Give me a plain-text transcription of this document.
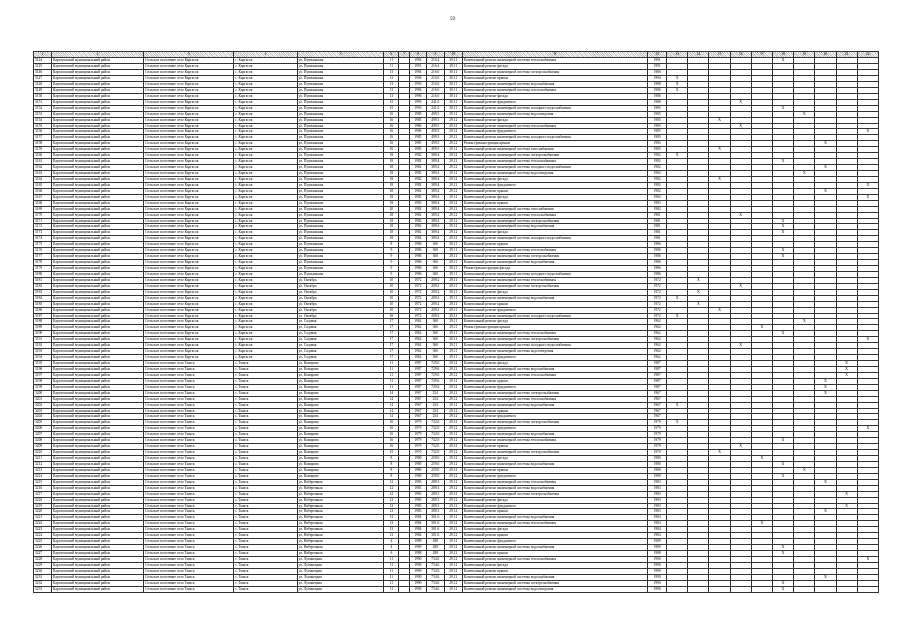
59
1	2	3	4	5	6	7	8	9	10	11	12	13	14	15	16	17	18	19	20	21	22
3144	Каргасокский муниципальный район	Сельское поселение село Каргасок	с. Каргасок	ул. Пушкинская	11		1992	216.4	29.11	Капитальный ремонт инженерной системы теплоснабжения	1991						X				
3145	Каргасокский муниципальный район	Сельское поселение село Каргасок	с. Каргасок	ул. Пушкинская	11		1991	216.4	29.11	Капитальный ремонт фасада	1991										
3146	Каргасокский муниципальный район	Сельское поселение село Каргасок	с. Каргасок	ул. Пушкинская	13		1994	216.0	30.11	Капитальный ремонт инженерной системы электроснабжения	1986										
3147	Каргасокский муниципальный район	Сельское поселение село Каргасок	с. Каргасок	ул. Пушкинская	13		1994	216.0	30.11	Капитальный ремонт крыши	1994	X									
3148	Каргасокский муниципальный район	Сельское поселение село Каргасок	с. Каргасок	ул. Пушкинская	13		1993	216.0	30.11	Капитальный ремонт инженерной системы водоснабжения	1988	X									
3149	Каргасокский муниципальный район	Сельское поселение село Каргасок	с. Каргасок	ул. Пушкинская	13		1994	216.0	30.11	Капитальный ремонт инженерной системы теплоснабжения	1986	X									
3150	Каргасокский муниципальный район	Сельское поселение село Каргасок	с. Каргасок	ул. Пушкинская	13		1996	216.0	30.11	Капитальный ремонт фасада	1986										
3151	Каргасокский муниципальный район	Сельское поселение село Каргасок	с. Каргасок	ул. Пушкинская	15		1993	241.0	30.11	Капитальный ремонт фундамента	1988				X						
3152	Каргасокский муниципальный район	Сельское поселение село Каргасок	с. Каргасок	ул. Пушкинская	15		1993	241.0	30.11	Капитальный ремонт инженерной системы холодного водоснабжения	1985						X				
3153	Каргасокский муниципальный район	Сельское поселение село Каргасок	с. Каргасок	ул. Пушкинская	16		1985	499.5	29.12	Капитальный ремонт инженерной системы водоотведения	1985							X			
3154	Каргасокский муниципальный район	Сельское поселение село Каргасок	с. Каргасок	ул. Пушкинская	16		1985	499.5	29.12	Капитальный ремонт фасада	1985			X							
3155	Каргасокский муниципальный район	Сельское поселение село Каргасок	с. Каргасок	ул. Пушкинская	16		1986	499.5	29.12	Капитальный ремонт инженерной системы теплоснабжения	1985				X						
3156	Каргасокский муниципальный район	Сельское поселение село Каргасок	с. Каргасок	ул. Пушкинская	16		1986	499.5	29.12	Капитальный ремонт фундамента	1985										X
3157	Каргасокский муниципальный район	Сельское поселение село Каргасок	с. Каргасок	ул. Пушкинская	16		1985	499.5	29.12	Капитальный ремонт инженерной системы холодного водоснабжения	1985										
3158	Каргасокский муниципальный район	Сельское поселение село Каргасок	с. Каргасок	ул. Пушкинская	16		1985	499.5	29.12	Ремонт/реконструкция крыши	1985								X		
3159	Каргасокский муниципальный район	Сельское поселение село Каргасок	с. Каргасок	ул. Пушкинская	16		1985	499.5	29.12	Капитальный ремонт инженерной системы газоснабжения	1985			X							
3160	Каргасокский муниципальный район	Сельское поселение село Каргасок	с. Каргасок	ул. Пушкинская	18		1982	389.4	29.12	Капитальный ремонт инженерной системы электроснабжения	1982	X									
3161	Каргасокский муниципальный район	Сельское поселение село Каргасок	с. Каргасок	ул. Пушкинская	18		1982	389.4	29.12	Капитальный ремонт инженерной системы теплоснабжения	1982						X				
3162	Каргасокский муниципальный район	Сельское поселение село Каргасок	с. Каргасок	ул. Пушкинская	18		1982	389.4	29.12	Капитальный ремонт инженерной системы холодного водоснабжения	1982								X		
3163	Каргасокский муниципальный район	Сельское поселение село Каргасок	с. Каргасок	ул. Пушкинская	18		1982	389.4	29.12	Капитальный ремонт инженерной системы водоотведения	1982							X			
3164	Каргасокский муниципальный район	Сельское поселение село Каргасок	с. Каргасок	ул. Пушкинская	18		1982	389.4	29.12	Капитальный ремонт фасада	1982			X							
3165	Каргасокский муниципальный район	Сельское поселение село Каргасок	с. Каргасок	ул. Пушкинская	18		1982	389.4	29.12	Капитальный ремонт фундамента	1982										X
3166	Каргасокский муниципальный район	Сельское поселение село Каргасок	с. Каргасок	ул. Пушкинская	18		1982	389.4	29.12	Капитальный ремонт крыши	1982								X		
3167	Каргасокский муниципальный район	Сельское поселение село Каргасок	с. Каргасок	ул. Пушкинская	18		1982	389.4	29.12	Капитальный ремонт фасада	1982										X
3168	Каргасокский муниципальный район	Сельское поселение село Каргасок	с. Каргасок	ул. Пушкинская	18		1983	389.4	29.12	Капитальный ремонт крыши	1983										
3169	Каргасокский муниципальный район	Сельское поселение село Каргасок	с. Каргасок	ул. Пушкинская	20		1982	389.4	29.12	Капитальный ремонт инженерной системы газоснабжения	1982										
3170	Каргасокский муниципальный район	Сельское поселение село Каргасок	с. Каргасок	ул. Пушкинская	18		1982	389.4	29.12	Капитальный ремонт инженерной системы теплоснабжения	1981				X						
3171	Каргасокский муниципальный район	Сельское поселение село Каргасок	с. Каргасок	ул. Пушкинская	18		1982	389.4	29.12	Капитальный ремонт инженерной системы электроснабжения	1981						X				
3172	Каргасокский муниципальный район	Сельское поселение село Каргасок	с. Каргасок	ул. Пушкинская	18		1982	389.4	29.12	Капитальный ремонт инженерной системы водоснабжения	1981						X				
3173	Каргасокский муниципальный район	Сельское поселение село Каргасок	с. Каргасок	ул. Пушкинская	18		1982	389.4	29.12	Капитальный ремонт фасада	1981						X				
3174	Каргасокский муниципальный район	Сельское поселение село Каргасок	с. Каргасок	ул. Пушкинская	18		1982	389.4	29.12	Капитальный ремонт инженерной системы холодного водоснабжения	1981										
3175	Каргасокский муниципальный район	Сельское поселение село Каргасок	с. Каргасок	ул. Пушкинская	8		1986	360	29.11	Капитальный ремонт крыши	1986										
3176	Каргасокский муниципальный район	Сельское поселение село Каргасок	с. Каргасок	ул. Пушкинская	9		1986	360	29.11	Капитальный ремонт инженерной системы теплоснабжения	1986						X				
3177	Каргасокский муниципальный район	Сельское поселение село Каргасок	с. Каргасок	ул. Пушкинская	9		1986	360	29.11	Капитальный ремонт инженерной системы электроснабжения	1986						X				
3178	Каргасокский муниципальный район	Сельское поселение село Каргасок	с. Каргасок	ул. Пушкинская	9		1986	360	29.11	Капитальный ремонт инженерной системы водоснабжения	1986										
3179	Каргасокский муниципальный район	Сельское поселение село Каргасок	с. Каргасок	ул. Пушкинская	9		1986	360	29.11	Ремонт/реконструкция фасада	1986										
3180	Каргасокский муниципальный район	Сельское поселение село Каргасок	с. Каргасок	ул. Пушкинская	9		1986	360	29.11	Капитальный ремонт инженерной системы холодного водоснабжения	1986										
3181	Каргасокский муниципальный район	Сельское поселение село Каргасок	с. Каргасок	ул. Октябрь	10		1972	209.2	29.11	Капитальный ремонт инженерной системы теплоснабжения	1972		X								
3182	Каргасокский муниципальный район	Сельское поселение село Каргасок	с. Каргасок	ул. Октябрь	10		1972	209.2	29.11	Капитальный ремонт инженерной системы электроснабжения	1972				X						
3183	Каргасокский муниципальный район	Сельское поселение село Каргасок	с. Каргасок	ул. Октябрь	10		1972	209.2	29.11	Капитальный ремонт фасада	1972		X								
3184	Каргасокский муниципальный район	Сельское поселение село Каргасок	с. Каргасок	ул. Октябрь	10		1972	209.2	29.11	Капитальный ремонт инженерной системы водоснабжения	1972	X									
3185	Каргасокский муниципальный район	Сельское поселение село Каргасок	с. Каргасок	ул. Октябрь	10		1972	209.2	29.11	Капитальный ремонт крыши	1972		X								
3186	Каргасокский муниципальный район	Сельское поселение село Каргасок	с. Каргасок	ул. Октябрь	10		1972	209.2	29.11	Капитальный ремонт фундамента	1972			X							
3187	Каргасокский муниципальный район	Сельское поселение село Каргасок	с. Каргасок	ул. Октябрь	10		1972	209.2	29.11	Капитальный ремонт инженерной системы холодного водоснабжения	1972	X									
3188	Каргасокский муниципальный район	Сельское поселение село Каргасок	с. Каргасок	ул. Садовая	17		1962	360	29.11	Капитальный ремонт фасада	1962							X			
3189	Каргасокский муниципальный район	Сельское поселение село Каргасок	с. Каргасок	ул. Садовая	17		1962	360	29.11	Ремонт/реконструкция крыши	1962					X					
3190	Каргасокский муниципальный район	Сельское поселение село Каргасок	с. Каргасок	ул. Садовая	17		1962	360	29.11	Капитальный ремонт инженерной системы теплоснабжения	1962						X				
3191	Каргасокский муниципальный район	Сельское поселение село Каргасок	с. Каргасок	ул. Садовая	17		1962	360	29.11	Капитальный ремонт инженерной системы электроснабжения	1962										X
3192	Каргасокский муниципальный район	Сельское поселение село Каргасок	с. Каргасок	ул. Садовая	17		1962	360	29.11	Капитальный ремонт инженерной системы холодного водоснабжения	1962				X						
3193	Каргасокский муниципальный район	Сельское поселение село Каргасок	с. Каргасок	ул. Садовая	17		1962	360	29.11	Капитальный ремонт инженерной системы водоотведения	1962										
3194	Каргасокский муниципальный район	Сельское поселение село Каргасок	с. Каргасок	ул. Садовая	17		1962	360	29.11	Капитальный ремонт фундамента	1962										
3195	Каргасокский муниципальный район	Сельское поселение село Тымск	с. Тымск	ул. Комарова	11		1987	729.6	29.12	Капитальный ремонт фасада	1987									X	
3196	Каргасокский муниципальный район	Сельское поселение село Тымск	с. Тымск	ул. Комарова	11		1987	729.6	29.12	Капитальный ремонт инженерной системы водоснабжения	1987									X	
3197	Каргасокский муниципальный район	Сельское поселение село Тымск	с. Тымск	ул. Комарова	11		1987	729.6	29.12	Капитальный ремонт инженерной системы теплоснабжения	1987									X	
3198	Каргасокский муниципальный район	Сельское поселение село Тымск	с. Тымск	ул. Комарова	11		1987	729.6	29.12	Капитальный ремонт крыши	1987								X		
3199	Каргасокский муниципальный район	Сельское поселение село Тымск	с. Тымск	ул. Комарова	11		1987	729.6	29.12	Капитальный ремонт фундамента	1987								X		
3200	Каргасокский муниципальный район	Сельское поселение село Тымск	с. Тымск	ул. Комарова	14		1967	254	29.12	Капитальный ремонт инженерной системы электроснабжения	1967								X		
3201	Каргасокский муниципальный район	Сельское поселение село Тымск	с. Тымск	ул. Комарова	14		1967	254	29.12	Капитальный ремонт инженерной системы теплоснабжения	1967										
3202	Каргасокский муниципальный район	Сельское поселение село Тымск	с. Тымск	ул. Комарова	14		1967	254	29.12	Капитальный ремонт инженерной системы водоснабжения	1967	X									
3203	Каргасокский муниципальный район	Сельское поселение село Тымск	с. Тымск	ул. Комарова	14		1967	254	29.12	Капитальный ремонт крыши	1967										
3204	Каргасокский муниципальный район	Сельское поселение село Тымск	с. Тымск	ул. Комарова	14		1967	254	29.12	Капитальный ремонт фундамента	1967										
3205	Каргасокский муниципальный район	Сельское поселение село Тымск	с. Тымск	ул. Комарова	16		1979	732.0	29.12	Капитальный ремонт инженерной системы электроснабжения	1979	X									
3206	Каргасокский муниципальный район	Сельское поселение село Тымск	с. Тымск	ул. Комарова	16		1979	732.0	29.12	Капитальный ремонт фундамента	1979										X
3207	Каргасокский муниципальный район	Сельское поселение село Тымск	с. Тымск	ул. Комарова	16		1979	732.0	29.12	Капитальный ремонт инженерной системы водоснабжения	1979										
3208	Каргасокский муниципальный район	Сельское поселение село Тымск	с. Тымск	ул. Комарова	16		1979	732.0	29.12	Капитальный ремонт инженерной системы теплоснабжения	1979						X				
3209	Каргасокский муниципальный район	Сельское поселение село Тымск	с. Тымск	ул. Комарова	16		1979	732.0	29.12	Капитальный ремонт крыши	1979				X						
3210	Каргасокский муниципальный район	Сельское поселение село Тымск	с. Тымск	ул. Комарова	15		1970	732.0	29.12	Капитальный ремонт инженерной системы электроснабжения	1970			X							
3211	Каргасокский муниципальный район	Сельское поселение село Тымск	с. Тымск	ул. Комарова	8		1980	259.0	29.12	Капитальный ремонт фасада	1980					X					
3212	Каргасокский муниципальный район	Сельское поселение село Тымск	с. Тымск	ул. Комарова	8		1980	259.0	29.12	Капитальный ремонт инженерной системы водоснабжения	1980						X				
3213	Каргасокский муниципальный район	Сельское поселение село Тымск	с. Тымск	ул. Комарова	8		1980	259.0	29.12	Капитальный ремонт крыши	1980							X			
3214	Каргасокский муниципальный район	Сельское поселение село Тымск	с. Тымск	ул. Комарова	8		1980	259.0	29.12	Капитальный ремонт фундамента	1980						X				
3215	Каргасокский муниципальный район	Сельское поселение село Тымск	с. Тымск	ул. Набережная	12		1983	289.3	29.12	Капитальный ремонт инженерной системы теплоснабжения	1983								X		
3216	Каргасокский муниципальный район	Сельское поселение село Тымск	с. Тымск	ул. Набережная	12		1983	289.3	29.12	Капитальный ремонт инженерной системы водоснабжения	1983										
3217	Каргасокский муниципальный район	Сельское поселение село Тымск	с. Тымск	ул. Набережная	12		1983	289.3	29.12	Капитальный ремонт инженерной системы электроснабжения	1983									X	
3218	Каргасокский муниципальный район	Сельское поселение село Тымск	с. Тымск	ул. Набережная	12		1983	289.3	29.12	Капитальный ремонт фасада	1983										
3219	Каргасокский муниципальный район	Сельское поселение село Тымск	с. Тымск	ул. Набережная	12		1983	289.3	29.12	Капитальный ремонт фундамента	1983									X	
3220	Каргасокский муниципальный район	Сельское поселение село Тымск	с. Тымск	ул. Набережная	12		1983	289.3	29.12	Капитальный ремонт крыши	1983								X		
3221	Каргасокский муниципальный район	Сельское поселение село Тымск	с. Тымск	ул. Набережная	13		1984	301.6	29.12	Капитальный ремонт инженерной системы водоснабжения	1984										
3222	Каргасокский муниципальный район	Сельское поселение село Тымск	с. Тымск	ул. Набережная	13		1984	301.6	29.12	Капитальный ремонт инженерной системы теплоснабжения	1984					X					
3223	Каргасокский муниципальный район	Сельское поселение село Тымск	с. Тымск	ул. Набережная	13		1984	301.6	29.12	Капитальный ремонт фасада	1984										
3224	Каргасокский муниципальный район	Сельское поселение село Тымск	с. Тымск	ул. Набережная	13		1984	301.6	29.12	Капитальный ремонт крыши	1984										
3225	Каргасокский муниципальный район	Сельское поселение село Тымск	с. Тымск	ул. Набережная	4		1989	288	29.12	Капитальный ремонт фундамента	1989										
3226	Каргасокский муниципальный район	Сельское поселение село Тымск	с. Тымск	ул. Набережная	4		1989	288	29.12	Капитальный ремонт инженерной системы водоснабжения	1989						X				
3227	Каргасокский муниципальный район	Сельское поселение село Тымск	с. Тымск	ул. Набережная	6		1988	288	29.12	Капитальный ремонт крыши	1988						X				
3228	Каргасокский муниципальный район	Сельское поселение село Тымск	с. Тымск	ул. Лугинецкая	11		1990	734.6	29.12	Капитальный ремонт инженерной системы теплоснабжения	1990										X
3229	Каргасокский муниципальный район	Сельское поселение село Тымск	с. Тымск	ул. Лугинецкая	11		1990	734.6	29.12	Капитальный ремонт фасада	1990										
3230	Каргасокский муниципальный район	Сельское поселение село Тымск	с. Тымск	ул. Лугинецкая	11		1990	734.6	29.12	Капитальный ремонт крыши	1990										
3231	Каргасокский муниципальный район	Сельское поселение село Тымск	с. Тымск	ул. Лугинецкая	11		1990	734.6	29.12	Капитальный ремонт инженерной системы водоснабжения	1990								X		
3232	Каргасокский муниципальный район	Сельское поселение село Тымск	с. Тымск	ул. Лугинецкая	11		1990	734.6	29.12	Капитальный ремонт инженерной системы электроснабжения	1990						X				
3233	Каргасокский муниципальный район	Сельское поселение село Тымск	с. Тымск	ул. Лугинецкая	11		1990	734.6	29.12	Капитальный ремонт инженерной системы водоотведения	1990						X				
